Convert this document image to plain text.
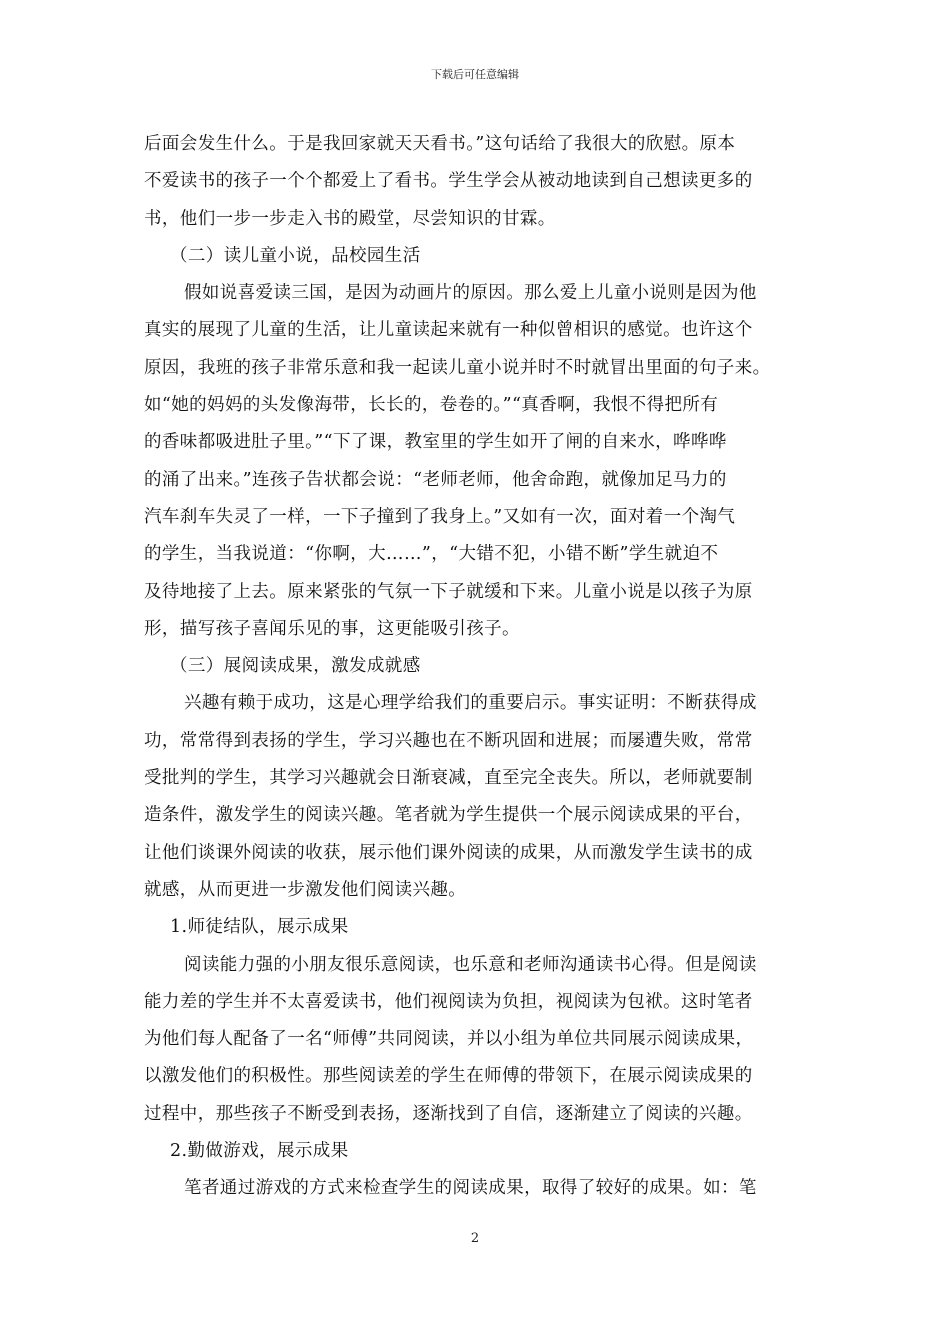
下载后可任意编辑
后面会发生什么。于是我回家就天天看书。”这句话给了我很大的欣慰。原本
不爱读书的孩子一个个都爱上了看书。学生学会从被动地读到自己想读更多的
书，他们一步一步走入书的殿堂，尽尝知识的甘霖。
（二）读儿童小说，品校园生活
假如说喜爱读三国，是因为动画片的原因。那么爱上儿童小说则是因为他
真实的展现了儿童的生活，让儿童读起来就有一种似曾相识的感觉。也许这个
原因，我班的孩子非常乐意和我一起读儿童小说并时不时就冒出里面的句子来。
如“她的妈妈的头发像海带，长长的，卷卷的。”“真香啊，我恨不得把所有
的香味都吸进肚子里。”“下了课，教室里的学生如开了闸的自来水，哗哗哗
的涌了出来。”连孩子告状都会说：“老师老师，他舍命跑，就像加足马力的
汽车刹车失灵了一样，一下子撞到了我身上。”又如有一次，面对着一个淘气
的学生，当我说道：“你啊，大……”，“大错不犯，小错不断”学生就迫不
及待地接了上去。原来紧张的气氛一下子就缓和下来。儿童小说是以孩子为原
形，描写孩子喜闻乐见的事，这更能吸引孩子。
（三）展阅读成果，激发成就感
兴趣有赖于成功，这是心理学给我们的重要启示。事实证明：不断获得成
功，常常得到表扬的学生，学习兴趣也在不断巩固和进展；而屡遭失败，常常
受批判的学生，其学习兴趣就会日渐衰减，直至完全丧失。所以，老师就要制
造条件，激发学生的阅读兴趣。笔者就为学生提供一个展示阅读成果的平台，
让他们谈课外阅读的收获，展示他们课外阅读的成果，从而激发学生读书的成
就感，从而更进一步激发他们阅读兴趣。
1.师徒结队，展示成果
阅读能力强的小朋友很乐意阅读，也乐意和老师沟通读书心得。但是阅读
能力差的学生并不太喜爱读书，他们视阅读为负担，视阅读为包袱。这时笔者
为他们每人配备了一名“师傅”共同阅读，并以小组为单位共同展示阅读成果，
以激发他们的积极性。那些阅读差的学生在师傅的带领下，在展示阅读成果的
过程中，那些孩子不断受到表扬，逐渐找到了自信，逐渐建立了阅读的兴趣。
2.勤做游戏，展示成果
笔者通过游戏的方式来检查学生的阅读成果，取得了较好的成果。如：笔
2
